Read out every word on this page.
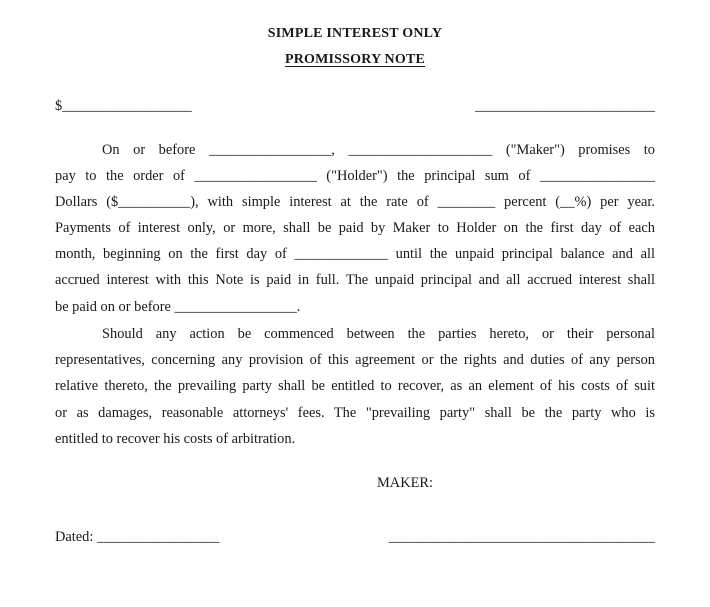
SIMPLE INTEREST ONLY
PROMISSORY NOTE
$__________________	_________________________
On or before _________________, ____________________ ("Maker") promises to
pay to the order of _________________ ("Holder") the principal sum of ________________
Dollars ($__________), with simple interest at the rate of ________ percent (__%) per year.
Payments of interest only, or more, shall be paid by Maker to Holder on the first day of each
month, beginning on the first day of _____________ until the unpaid principal balance and all
accrued interest with this Note is paid in full. The unpaid principal and all accrued interest shall
be paid on or before _________________.
Should any action be commenced between the parties hereto, or their personal
representatives, concerning any provision of this agreement or the rights and duties of any person
relative thereto, the prevailing party shall be entitled to recover, as an element of his costs of suit
or as damages, reasonable attorneys' fees. The "prevailing party" shall be the party who is
entitled to recover his costs of arbitration.
MAKER:
Dated: _________________	_____________________________________
